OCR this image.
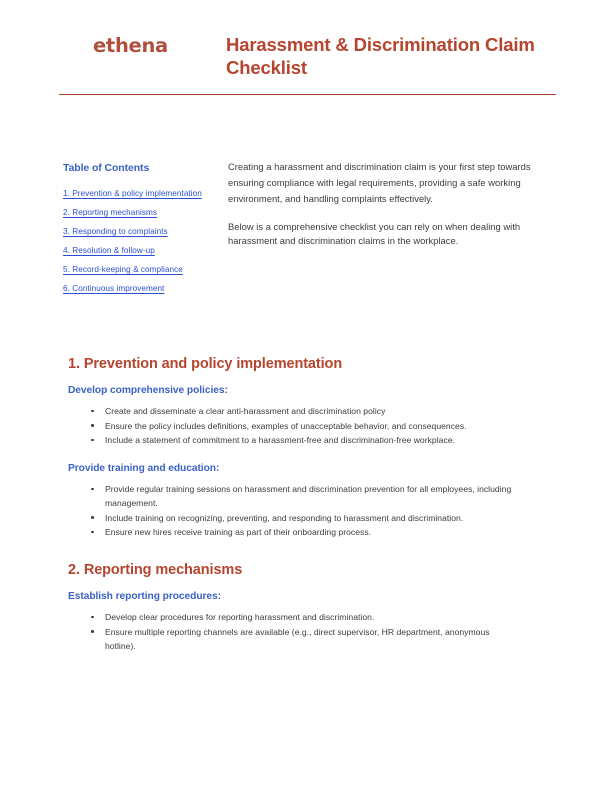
ethena	Harassment & Discrimination Claim Checklist
Table of Contents
1. Prevention & policy implementation
2. Reporting mechanisms
3. Responding to complaints
4. Resolution & follow-up
5. Record-keeping & compliance
6. Continuous improvement

Creating a harassment and discrimination claim is your first step towards ensuring compliance with legal requirements, providing a safe working environment, and handling complaints effectively.

Below is a comprehensive checklist you can rely on when dealing with harassment and discrimination claims in the workplace.

1. Prevention and policy implementation
Develop comprehensive policies:
Create and disseminate a clear anti-harassment and discrimination policy
Ensure the policy includes definitions, examples of unacceptable behavior, and consequences.
Include a statement of commitment to a harassment-free and discrimination-free workplace.
Provide training and education:
Provide regular training sessions on harassment and discrimination prevention for all employees, including management.
Include training on recognizing, preventing, and responding to harassment and discrimination.
Ensure new hires receive training as part of their onboarding process.
2. Reporting mechanisms
Establish reporting procedures:
Develop clear procedures for reporting harassment and discrimination.
Ensure multiple reporting channels are available (e.g., direct supervisor, HR department, anonymous hotline).
